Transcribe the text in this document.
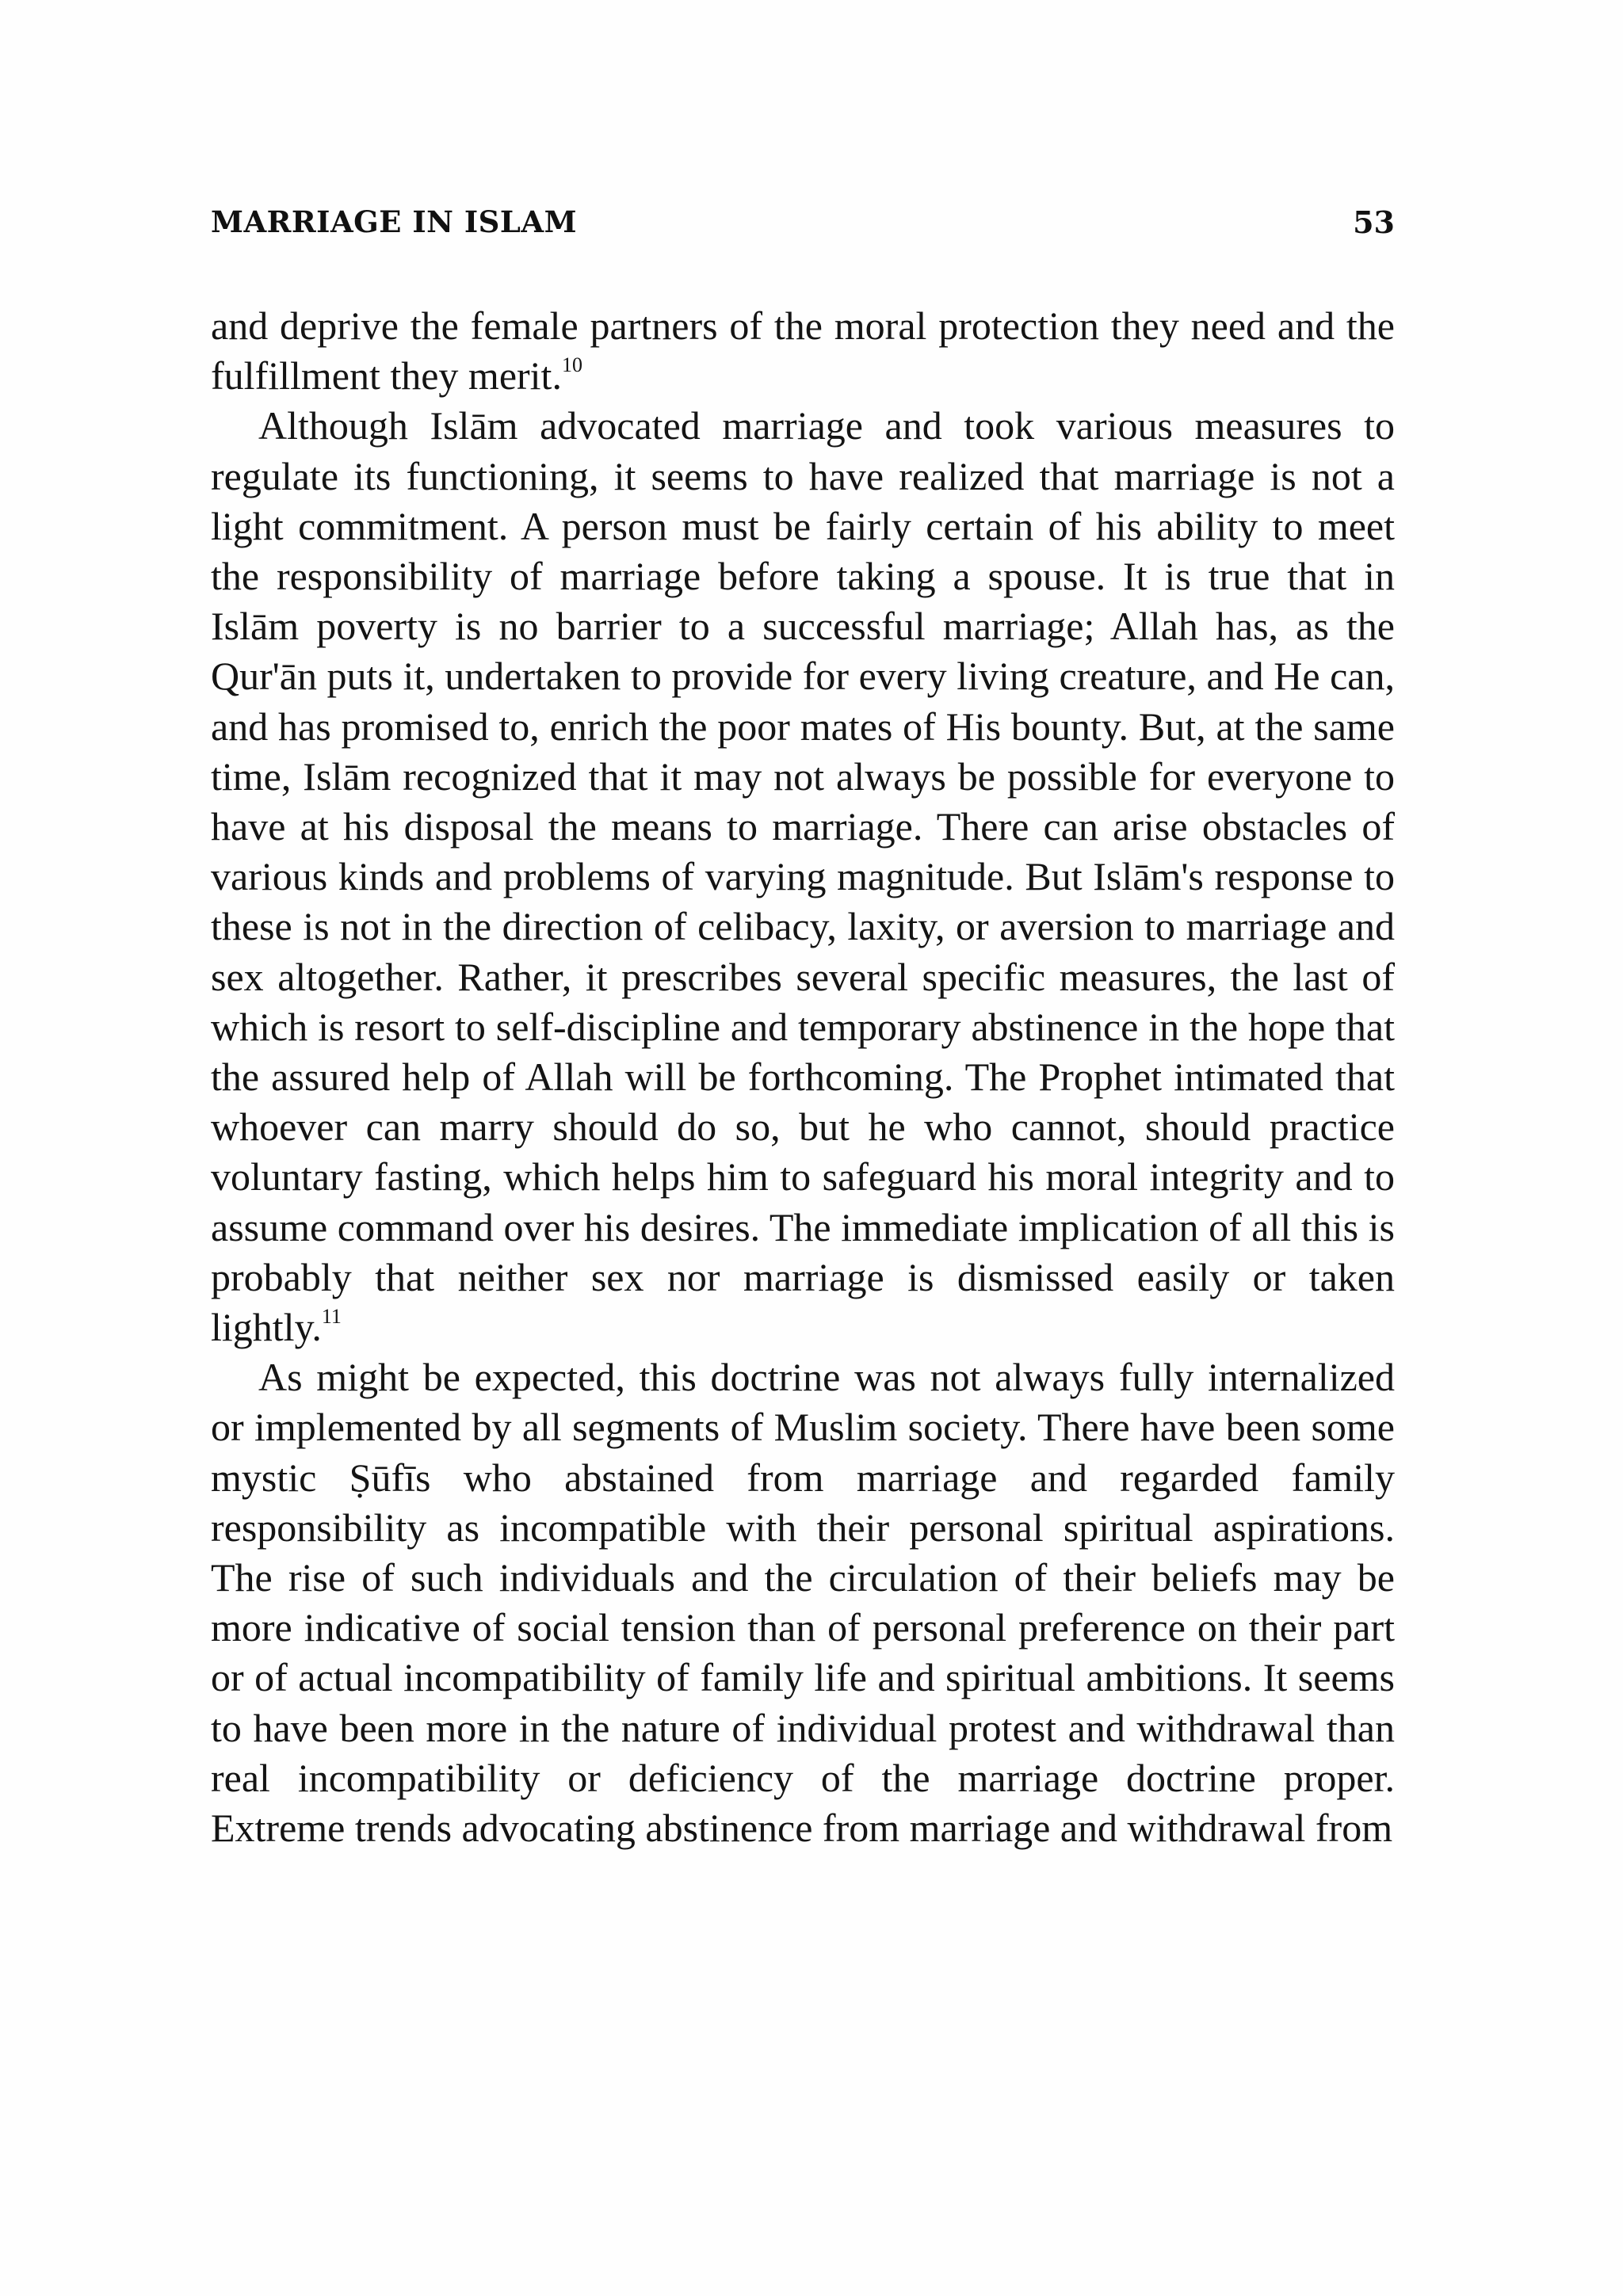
MARRIAGE IN ISLAM	53

and deprive the female partners of the moral protection they need and the fulfillment they merit.$^{10}$

Although Islām advocated marriage and took various measures to regulate its functioning, it seems to have realized that marriage is not a light commitment. A person must be fairly certain of his ability to meet the responsibility of marriage before taking a spouse. It is true that in Islām poverty is no barrier to a successful marriage; Allah has, as the Qur'ān puts it, undertaken to provide for every living creature, and He can, and has promised to, enrich the poor mates of His bounty. But, at the same time, Islām recognized that it may not always be possible for everyone to have at his disposal the means to marriage. There can arise obstacles of various kinds and problems of varying magnitude. But Islām's response to these is not in the direction of celibacy, laxity, or aversion to marriage and sex altogether. Rather, it prescribes several specific measures, the last of which is resort to self-discipline and temporary abstinence in the hope that the assured help of Allah will be forthcoming. The Prophet intimated that whoever can marry should do so, but he who cannot, should practice voluntary fasting, which helps him to safeguard his moral integrity and to assume command over his desires. The immediate implication of all this is probably that neither sex nor marriage is dismissed easily or taken lightly.$^{11}$

As might be expected, this doctrine was not always fully internalized or implemented by all segments of Muslim society. There have been some mystic Ṣūfīs who abstained from marriage and regarded family responsibility as incompatible with their personal spiritual aspirations. The rise of such individuals and the circulation of their beliefs may be more indicative of social tension than of personal preference on their part or of actual incompatibility of family life and spiritual ambitions. It seems to have been more in the nature of individual protest and withdrawal than real incompatibility or deficiency of the marriage doctrine proper. Extreme trends advocating abstinence from marriage and withdrawal from
